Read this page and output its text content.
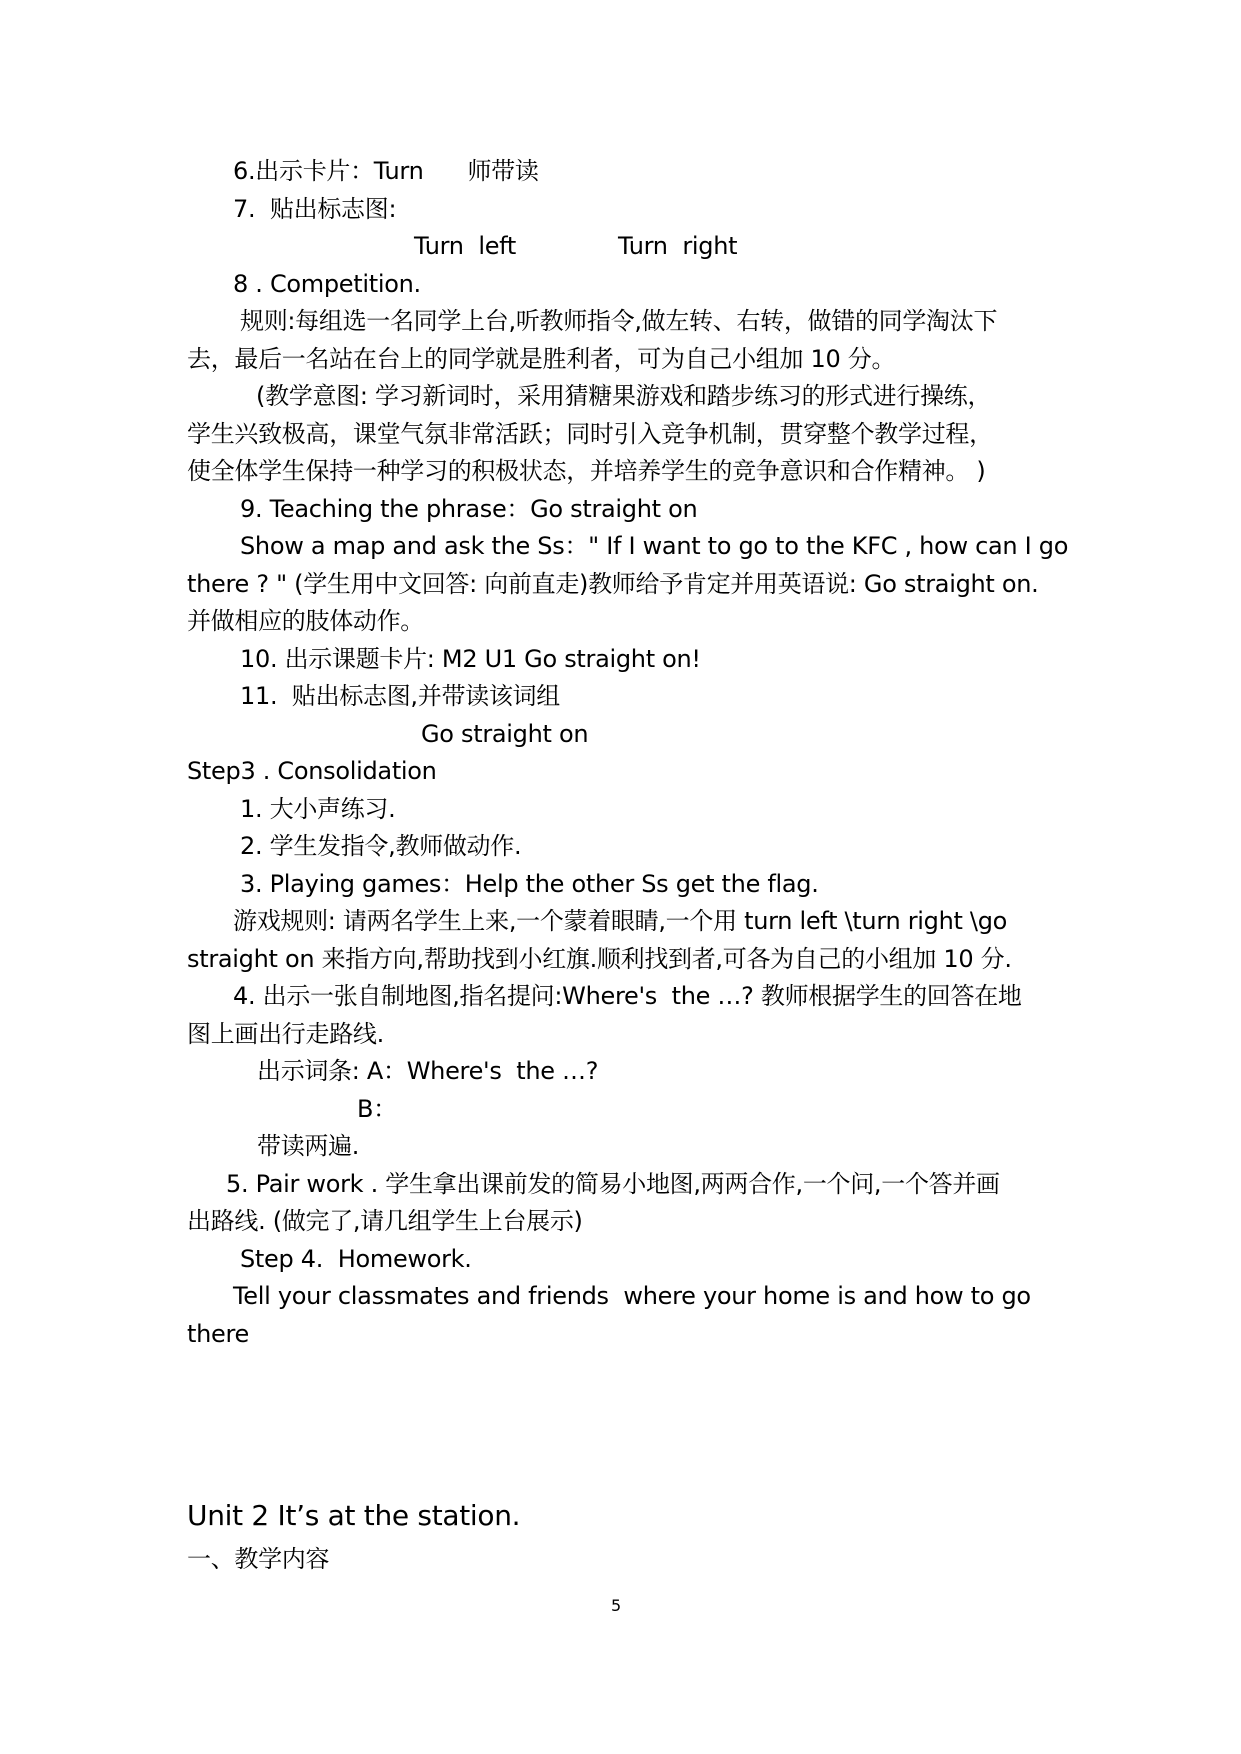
6.出示卡片：Turn      师带读
7.  贴出标志图:
Turn  left	Turn  right
8 . Competition.
规则:每组选一名同学上台,听教师指令,做左转、右转，做错的同学淘汰下
去，最后一名站在台上的同学就是胜利者，可为自己小组加 10 分。
(教学意图: 学习新词时，采用猜糖果游戏和踏步练习的形式进行操练，
学生兴致极高，课堂气氛非常活跃；同时引入竞争机制，贯穿整个教学过程，
使全体学生保持一种学习的积极状态，并培养学生的竞争意识和合作精神。 )
9. Teaching the phrase：Go straight on
Show a map and ask the Ss：" If I want to go to the KFC , how can I go
there ? " (学生用中文回答: 向前直走)教师给予肯定并用英语说: Go straight on.
并做相应的肢体动作。
10. 出示课题卡片: M2 U1 Go straight on!
11.  贴出标志图,并带读该词组
Go straight on
Step3 . Consolidation
1. 大小声练习.
2. 学生发指令,教师做动作.
3. Playing games：Help the other Ss get the flag.
游戏规则: 请两名学生上来,一个蒙着眼睛,一个用 turn left \turn right \go
straight on 来指方向,帮助找到小红旗.顺利找到者,可各为自己的小组加 10 分.
4. 出示一张自制地图,指名提问:Where's  the …? 教师根据学生的回答在地
图上画出行走路线.
出示词条: A：Where's  the …?
B：
带读两遍.
5. Pair work . 学生拿出课前发的简易小地图,两两合作,一个问,一个答并画
出路线. (做完了,请几组学生上台展示)
Step 4.  Homework.
Tell your classmates and friends  where your home is and how to go
there
Unit 2 It’s at the station.
一、教学内容
5
